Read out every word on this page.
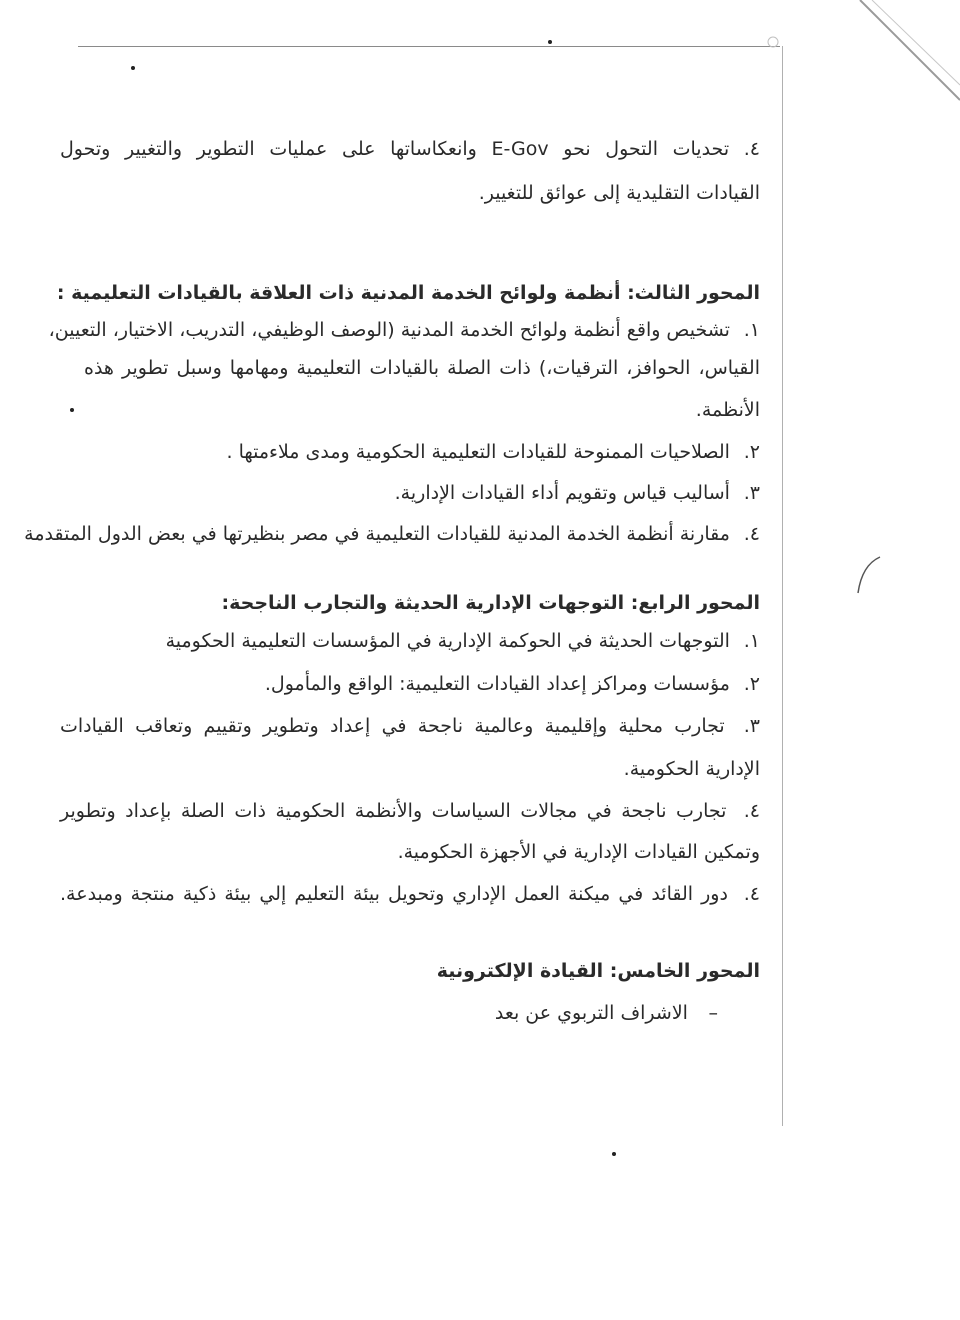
٤. تحديات التحول نحو E-Gov وانعكاساتها على عمليات التطوير والتغيير وتحول
القيادات التقليدية إلى عوائق للتغيير.
المحور الثالث: أنظمة ولوائح الخدمة المدنية ذات العلاقة بالقيادات التعليمية :
١. تشخيص واقع أنظمة ولوائح الخدمة المدنية (الوصف الوظيفي، التدريب، الاختيار، التعيين،
القياس، الحوافز، الترقيات،) ذات الصلة بالقيادات التعليمية ومهامها وسبل تطوير هذه
الأنظمة.
٢. الصلاحيات الممنوحة للقيادات التعليمية الحكومية ومدى ملاءمتها .
٣. أساليب قياس وتقويم أداء القيادات الإدارية.
٤. مقارنة أنظمة الخدمة المدنية للقيادات التعليمية في مصر بنظيرتها في بعض الدول المتقدمة
المحور الرابع: التوجهات الإدارية الحديثة والتجارب الناجحة:
١. التوجهات الحديثة في الحوكمة الإدارية في المؤسسات التعليمية الحكومية
٢. مؤسسات ومراكز إعداد القيادات التعليمية: الواقع والمأمول.
٣. تجارب محلية وإقليمية وعالمية ناجحة في إعداد وتطوير وتقييم وتعاقب القيادات
الإدارية الحكومية.
٤. تجارب ناجحة في مجالات السياسات والأنظمة الحكومية ذات الصلة بإعداد وتطوير
وتمكين القيادات الإدارية في الأجهزة الحكومية.
٤. دور القائد في ميكنة العمل الإداري وتحويل بيئة التعليم إلي بيئة ذكية منتجة ومبدعة.
المحور الخامس: القيادة الإلكترونية
– الاشراف التربوي عن بعد
